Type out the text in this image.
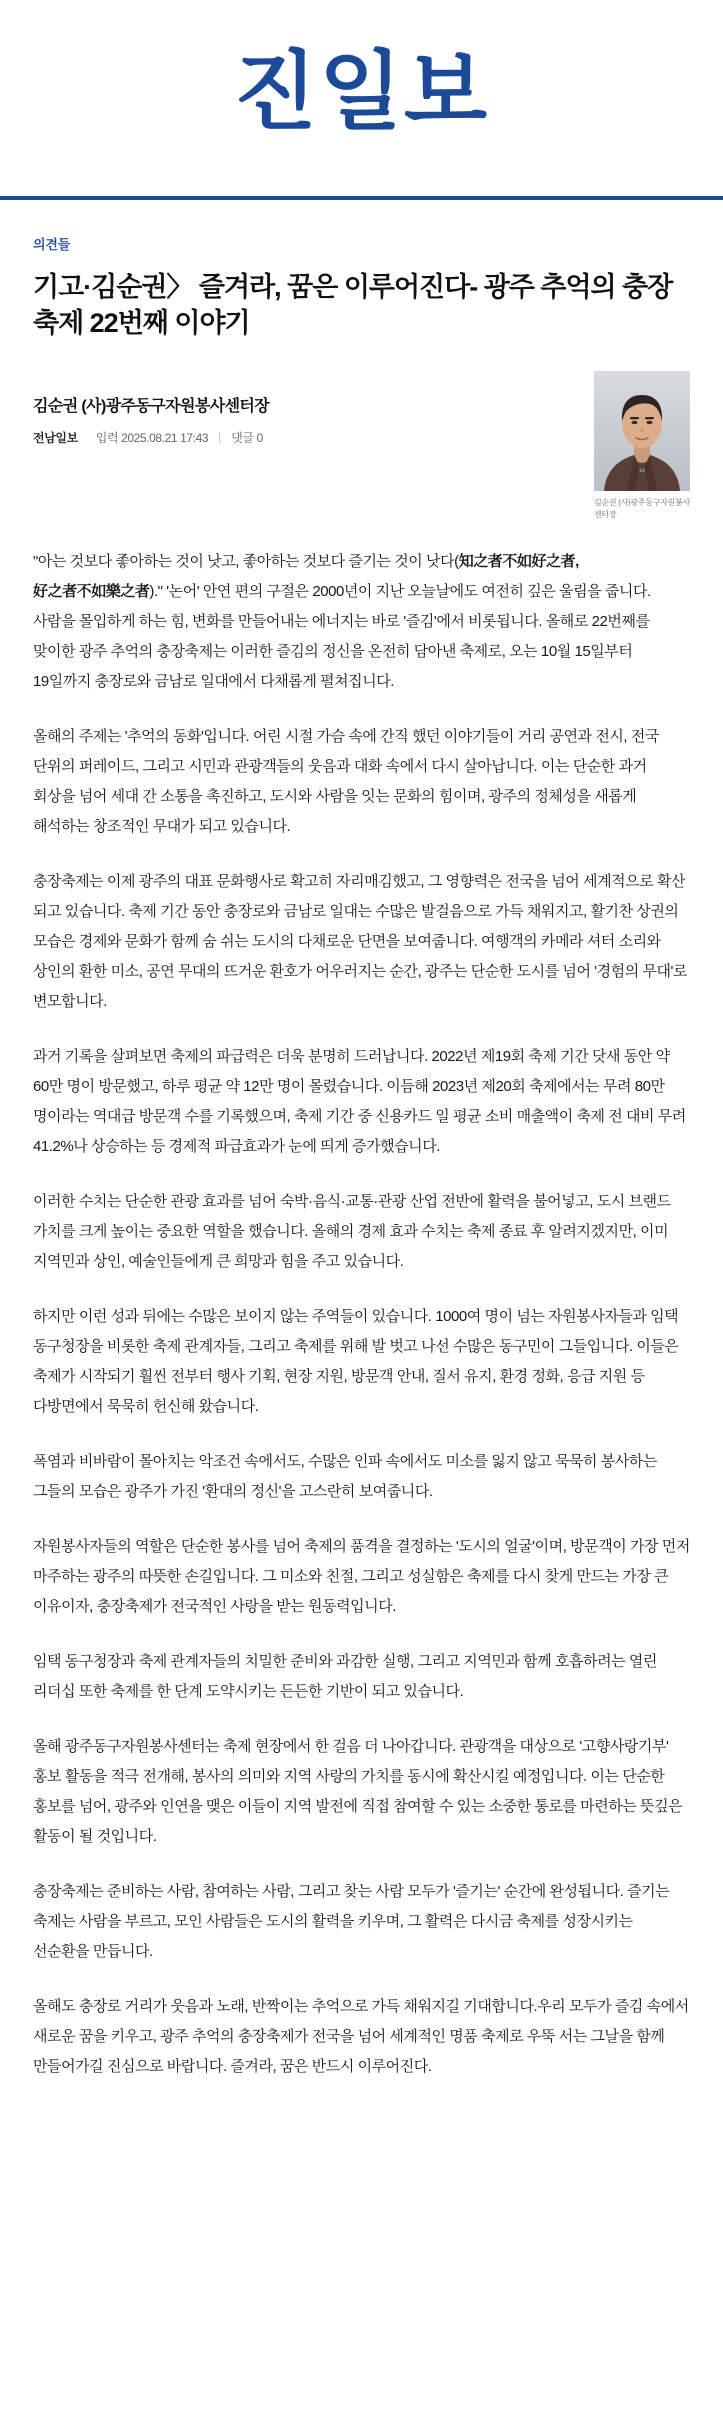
진일보
의견들
기고·김순권〉 즐겨라, 꿈은 이루어진다- 광주 추억의 충장축제 22번째 이야기
김순권 (사)광주동구자원봉사센터장
전남일보 입력 2025.08.21 17:43 댓글 0
김순권 (사)광주동구자원봉사 센터장

"아는 것보다 좋아하는 것이 낫고, 좋아하는 것보다 즐기는 것이 낫다(知之者不如好之者, 好之者不如樂之者)." '논어' 안연 편의 구절은 2000년이 지난 오늘날에도 여전히 깊은 울림을 줍니다. 사람을 몰입하게 하는 힘, 변화를 만들어내는 에너지는 바로 '즐김'에서 비롯됩니다. 올해로 22번째를 맞이한 광주 추억의 충장축제는 이러한 즐김의 정신을 온전히 담아낸 축제로, 오는 10월 15일부터 19일까지 충장로와 금남로 일대에서 다채롭게 펼쳐집니다.

올해의 주제는 '추억의 동화'입니다. 어린 시절 가슴 속에 간직 했던 이야기들이 거리 공연과 전시, 전국 단위의 퍼레이드, 그리고 시민과 관광객들의 웃음과 대화 속에서 다시 살아납니다. 이는 단순한 과거 회상을 넘어 세대 간 소통을 촉진하고, 도시와 사람을 잇는 문화의 힘이며, 광주의 정체성을 새롭게 해석하는 창조적인 무대가 되고 있습니다.

충장축제는 이제 광주의 대표 문화행사로 확고히 자리매김했고, 그 영향력은 전국을 넘어 세계적으로 확산 되고 있습니다. 축제 기간 동안 충장로와 금남로 일대는 수많은 발걸음으로 가득 채워지고, 활기찬 상권의 모습은 경제와 문화가 함께 숨 쉬는 도시의 다채로운 단면을 보여줍니다. 여행객의 카메라 셔터 소리와 상인의 환한 미소, 공연 무대의 뜨거운 환호가 어우러지는 순간, 광주는 단순한 도시를 넘어 '경험의 무대'로 변모합니다.

과거 기록을 살펴보면 축제의 파급력은 더욱 분명히 드러납니다. 2022년 제19회 축제 기간 닷새 동안 약 60만 명이 방문했고, 하루 평균 약 12만 명이 몰렸습니다. 이듬해 2023년 제20회 축제에서는 무려 80만 명이라는 역대급 방문객 수를 기록했으며, 축제 기간 중 신용카드 일 평균 소비 매출액이 축제 전 대비 무려 41.2%나 상승하는 등 경제적 파급효과가 눈에 띄게 증가했습니다.

이러한 수치는 단순한 관광 효과를 넘어 숙박·음식·교통·관광 산업 전반에 활력을 불어넣고, 도시 브랜드 가치를 크게 높이는 중요한 역할을 했습니다. 올해의 경제 효과 수치는 축제 종료 후 알려지겠지만, 이미 지역민과 상인, 예술인들에게 큰 희망과 힘을 주고 있습니다.

하지만 이런 성과 뒤에는 수많은 보이지 않는 주역들이 있습니다. 1000여 명이 넘는 자원봉사자들과 임택 동구청장을 비롯한 축제 관계자들, 그리고 축제를 위해 발 벗고 나선 수많은 동구민이 그들입니다. 이들은 축제가 시작되기 훨씬 전부터 행사 기획, 현장 지원, 방문객 안내, 질서 유지, 환경 정화, 응급 지원 등 다방면에서 묵묵히 헌신해 왔습니다.

폭염과 비바람이 몰아치는 악조건 속에서도, 수많은 인파 속에서도 미소를 잃지 않고 묵묵히 봉사하는 그들의 모습은 광주가 가진 '환대의 정신'을 고스란히 보여줍니다.

자원봉사자들의 역할은 단순한 봉사를 넘어 축제의 품격을 결정하는 '도시의 얼굴'이며, 방문객이 가장 먼저 마주하는 광주의 따뜻한 손길입니다. 그 미소와 친절, 그리고 성실함은 축제를 다시 찾게 만드는 가장 큰 이유이자, 충장축제가 전국적인 사랑을 받는 원동력입니다.

임택 동구청장과 축제 관계자들의 치밀한 준비와 과감한 실행, 그리고 지역민과 함께 호흡하려는 열린 리더십 또한 축제를 한 단계 도약시키는 든든한 기반이 되고 있습니다.

올해 광주동구자원봉사센터는 축제 현장에서 한 걸음 더 나아갑니다. 관광객을 대상으로 '고향사랑기부' 홍보 활동을 적극 전개해, 봉사의 의미와 지역 사랑의 가치를 동시에 확산시킬 예정입니다. 이는 단순한 홍보를 넘어, 광주와 인연을 맺은 이들이 지역 발전에 직접 참여할 수 있는 소중한 통로를 마련하는 뜻깊은 활동이 될 것입니다.

충장축제는 준비하는 사람, 참여하는 사람, 그리고 찾는 사람 모두가 '즐기는' 순간에 완성됩니다. 즐기는 축제는 사람을 부르고, 모인 사람들은 도시의 활력을 키우며, 그 활력은 다시금 축제를 성장시키는 선순환을 만듭니다.

올해도 충장로 거리가 웃음과 노래, 반짝이는 추억으로 가득 채워지길 기대합니다.우리 모두가 즐김 속에서 새로운 꿈을 키우고, 광주 추억의 충장축제가 전국을 넘어 세계적인 명품 축제로 우뚝 서는 그날을 함께 만들어가길 진심으로 바랍니다. 즐겨라, 꿈은 반드시 이루어진다.
